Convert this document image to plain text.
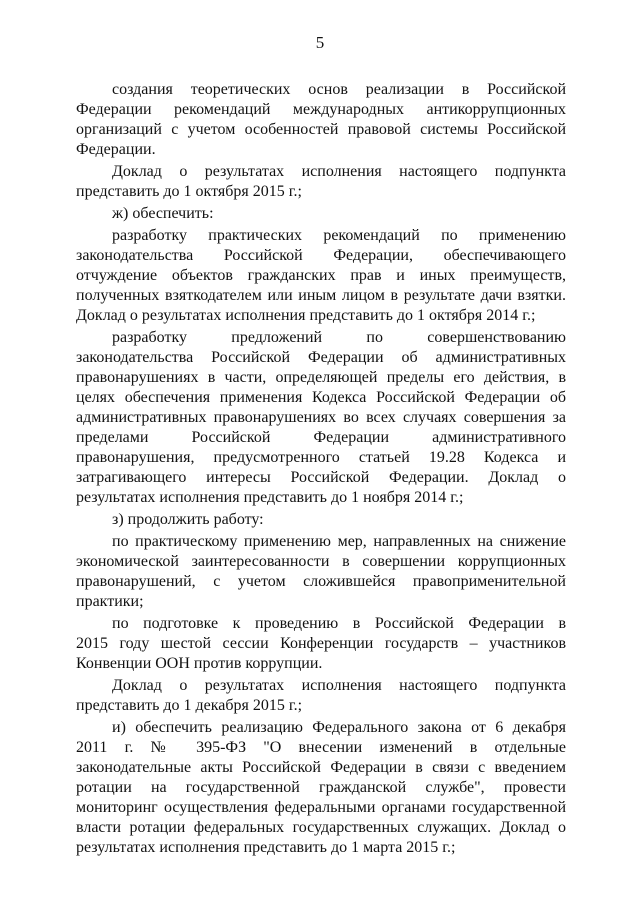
5

создания теоретических основ реализации в Российской
Федерации рекомендаций международных антикоррупционных
организаций с учетом особенностей правовой системы Российской
Федерации.

Доклад о результатах исполнения настоящего подпункта
представить до 1 октября 2015 г.;

ж) обеспечить:

разработку практических рекомендаций по применению
законодательства Российской Федерации, обеспечивающего
отчуждение объектов гражданских прав и иных преимуществ,
полученных взяткодателем или иным лицом в результате дачи взятки.
Доклад о результатах исполнения представить до 1 октября 2014 г.;

разработку предложений по совершенствованию
законодательства Российской Федерации об административных
правонарушениях в части, определяющей пределы его действия, в
целях обеспечения применения Кодекса Российской Федерации об
административных правонарушениях во всех случаях совершения за
пределами Российской Федерации административного
правонарушения, предусмотренного статьей 19.28 Кодекса и
затрагивающего интересы Российской Федерации. Доклад о
результатах исполнения представить до 1 ноября 2014 г.;

з) продолжить работу:

по практическому применению мер, направленных на снижение
экономической заинтересованности в совершении коррупционных
правонарушений, с учетом сложившейся правоприменительной
практики;

по подготовке к проведению в Российской Федерации в
2015 году шестой сессии Конференции государств – участников
Конвенции ООН против коррупции.

Доклад о результатах исполнения настоящего подпункта
представить до 1 декабря 2015 г.;

и) обеспечить реализацию Федерального закона от 6 декабря
2011 г. № 395-ФЗ "О внесении изменений в отдельные
законодательные акты Российской Федерации в связи с введением
ротации на государственной гражданской службе", провести
мониторинг осуществления федеральными органами государственной
власти ротации федеральных государственных служащих. Доклад о
результатах исполнения представить до 1 марта 2015 г.;
